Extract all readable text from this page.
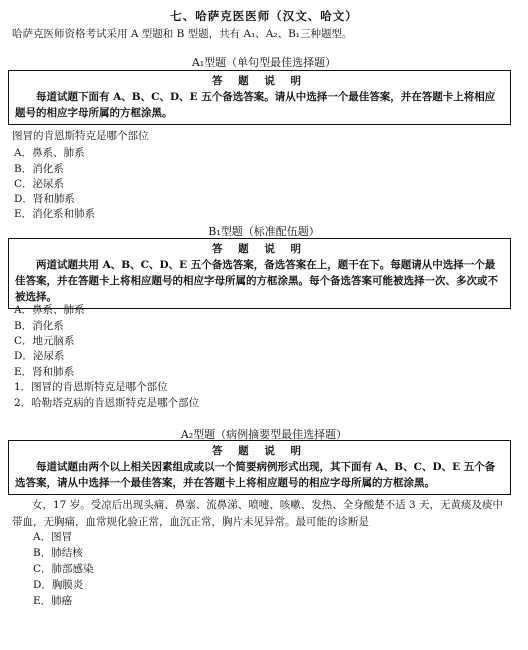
七、哈萨克医医师（汉文、哈文）
哈萨克医师资格考试采用 A 型题和 B 型题，共有 A₁、A₂、B₁三种题型。
A₁型题（单句型最佳选择题）
答 题 说 明
每道试题下面有 A、B、C、D、E 五个备选答案。请从中选择一个最佳答案，并在答题卡上将相应题号的相应字母所属的方框涂黑。
图冒的肯恩斯特克是哪个部位
A．鼻系、肺系
B．消化系
C．泌尿系
D．肾和肺系
E．消化系和肺系
B₁型题（标准配伍题）
答 题 说 明
两道试题共用 A、B、C、D、E 五个备选答案，备选答案在上，题干在下。每题请从中选择一个最佳答案，并在答题卡上将相应题号的相应字母所属的方框涂黑。每个备选答案可能被选择一次、多次或不被选择。
A．鼻系、肺系
B．消化系
C．地元脑系
D．泌尿系
E．肾和肺系
1．图冒的肯恩斯特克是哪个部位
2．哈勒塔克病的肯恩斯特克是哪个部位
A₂型题（病例摘要型最佳选择题）
答 题 说 明
每道试题由两个以上相关因素组成或以一个简要病例形式出现，其下面有 A、B、C、D、E 五个备选答案，请从中选择一个最佳答案，并在答题卡上将相应题号的相应字母所属的方框涂黑。
女，17 岁。受凉后出现头痛、鼻塞、流鼻涕、喷嚏、咳嗽、发热、全身酸楚不适 3 天，无黄痰及痰中带血，无胸痛，血常规化验正常，血沉正常，胸片未见异常。最可能的诊断是
A．图冒
B．肺结核
C．肺部感染
D．胸膜炎
E．肺癌
